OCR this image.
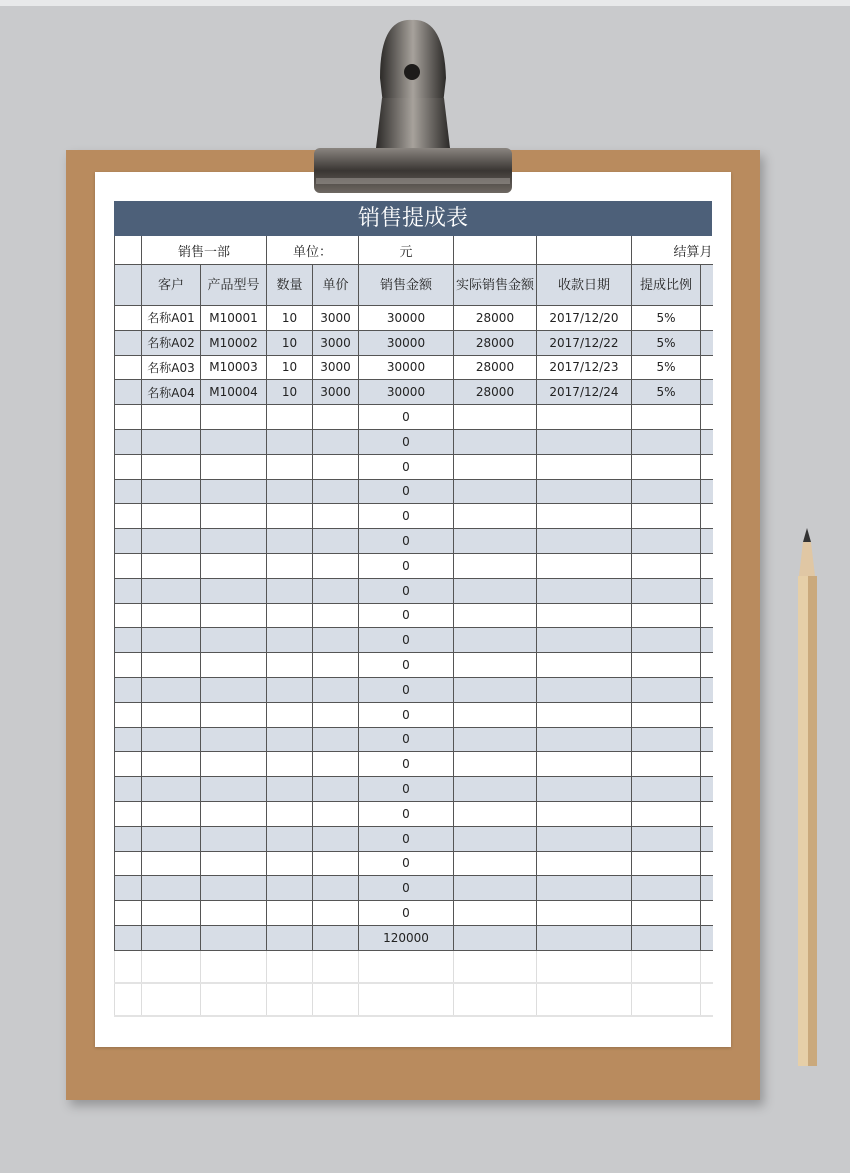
销售提成表
	销售一部		单位：		元			结算月	
	客户	产品型号	数量	单价	销售金额	实际销售金额	收款日期	提成比例	
	名称A01	M10001	10	3000	30000	28000	2017/12/20	5%	
	名称A02	M10002	10	3000	30000	28000	2017/12/22	5%	
	名称A03	M10003	10	3000	30000	28000	2017/12/23	5%	
	名称A04	M10004	10	3000	30000	28000	2017/12/24	5%	
					0				
					0				
					0				
					0				
					0				
					0				
					0				
					0				
					0				
					0				
					0				
					0				
					0				
					0				
					0				
					0				
					0				
					0				
					0				
					0				
					0				
					120000				
